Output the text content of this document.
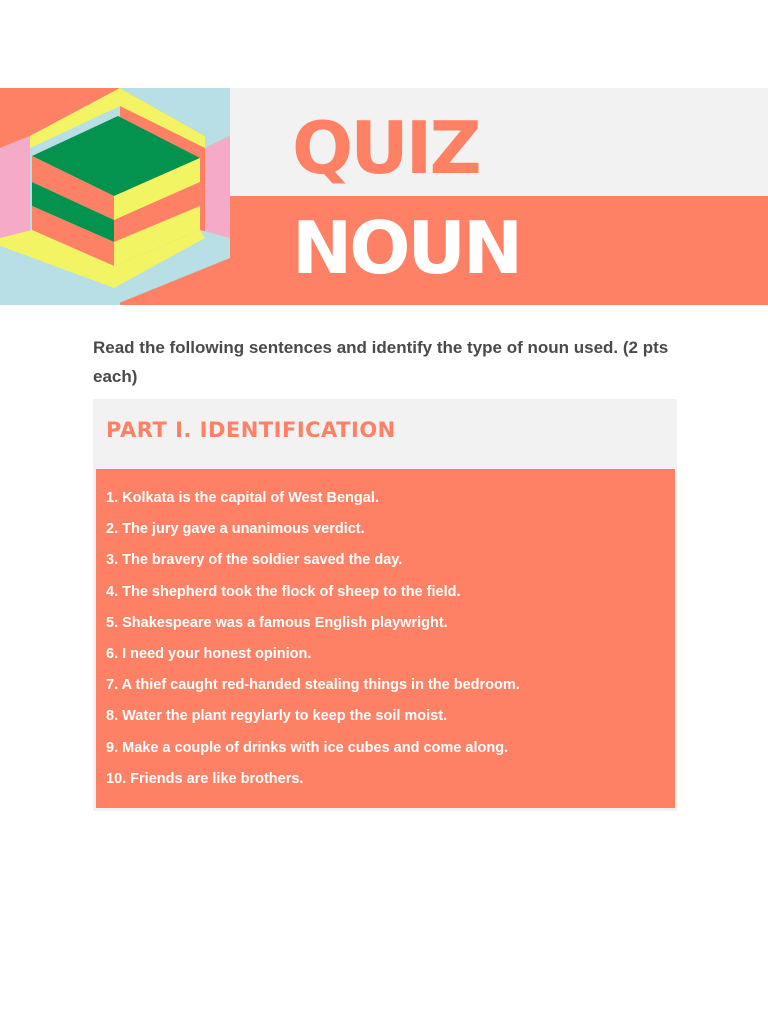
QUIZ
NOUN

Read the following sentences and identify the type of noun used. (2 pts each)

PART I. IDENTIFICATION
1. Kolkata is the capital of West Bengal.
2. The jury gave a unanimous verdict.
3. The bravery of the soldier saved the day.
4. The shepherd took the flock of sheep to the field.
5. Shakespeare was a famous English playwright.
6. I need your honest opinion.
7. A thief caught red-handed stealing things in the bedroom.
8. Water the plant regylarly to keep the soil moist.
9. Make a couple of drinks with ice cubes and come along.
10. Friends are like brothers.
